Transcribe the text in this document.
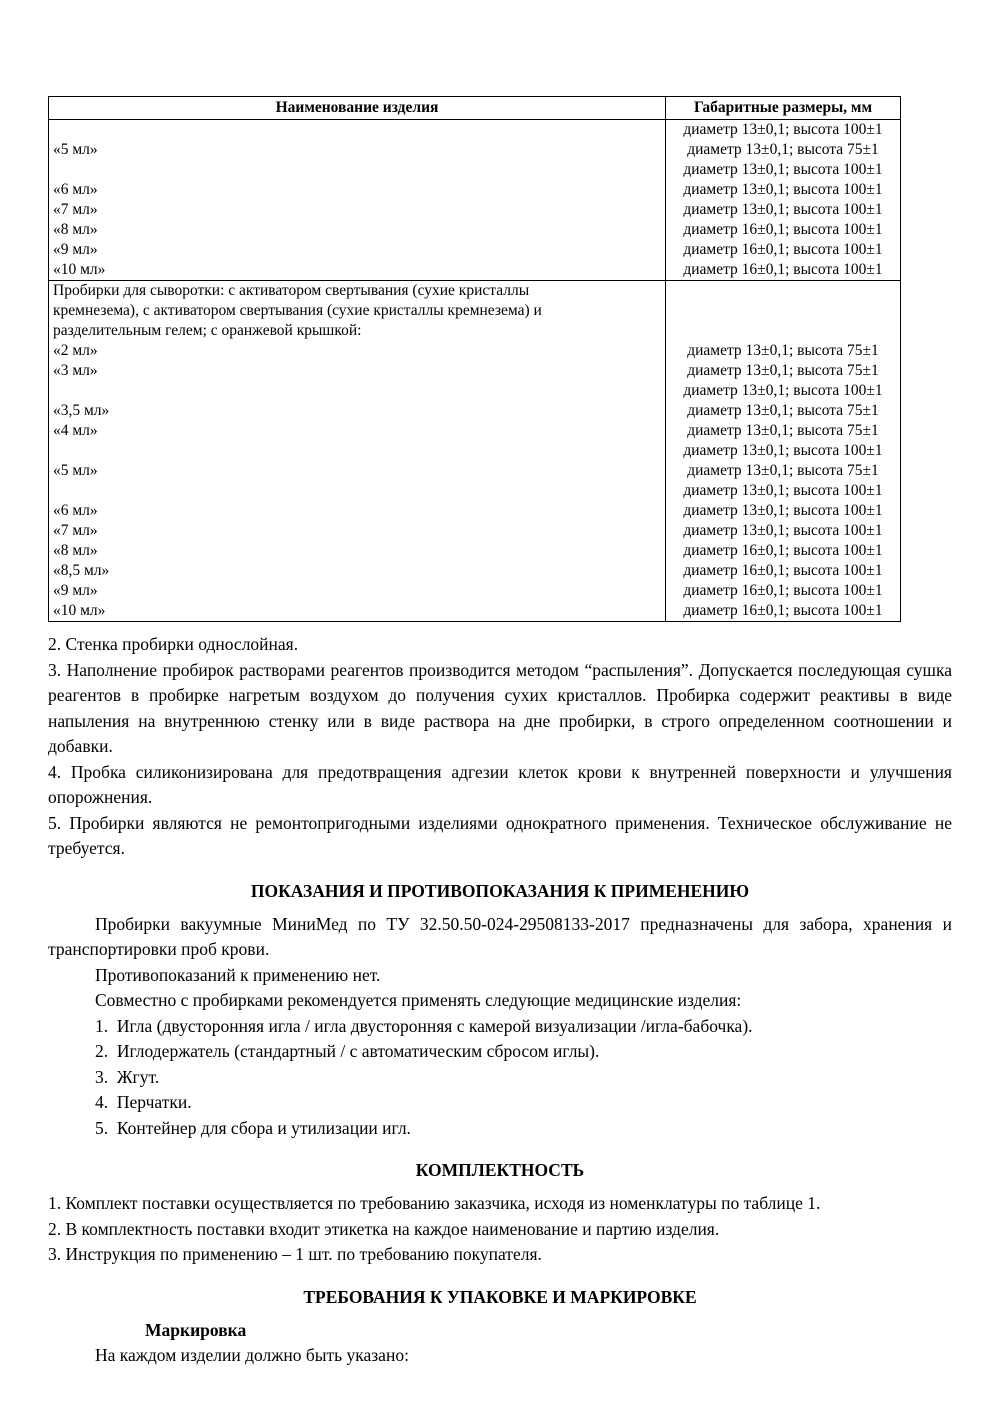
Наименование изделия	Габаритные размеры, мм
	диаметр 13±0,1; высота 100±1
«5 мл»	диаметр 13±0,1; высота 75±1
	диаметр 13±0,1; высота 100±1
«6 мл»	диаметр 13±0,1; высота 100±1
«7 мл»	диаметр 13±0,1; высота 100±1
«8 мл»	диаметр 16±0,1; высота 100±1
«9 мл»	диаметр 16±0,1; высота 100±1
«10 мл»	диаметр 16±0,1; высота 100±1

Пробирки для сыворотки: с активатором свертывания (сухие кристаллы
кремнезема), с активатором свертывания (сухие кристаллы кремнезема) и
разделительным гелем; с оранжевой крышкой:	

«2 мл»	диаметр 13±0,1; высота 75±1
«3 мл»	диаметр 13±0,1; высота 75±1
	диаметр 13±0,1; высота 100±1
«3,5 мл»	диаметр 13±0,1; высота 75±1
«4 мл»	диаметр 13±0,1; высота 75±1
	диаметр 13±0,1; высота 100±1
«5 мл»	диаметр 13±0,1; высота 75±1
	диаметр 13±0,1; высота 100±1
«6 мл»	диаметр 13±0,1; высота 100±1
«7 мл»	диаметр 13±0,1; высота 100±1
«8 мл»	диаметр 16±0,1; высота 100±1
«8,5 мл»	диаметр 16±0,1; высота 100±1
«9 мл»	диаметр 16±0,1; высота 100±1
«10 мл»	диаметр 16±0,1; высота 100±1

2. Стенка пробирки однослойная.

3. Наполнение пробирок растворами реагентов производится методом “распыления”. Допускается последующая сушка реагентов в пробирке нагретым воздухом до получения сухих кристаллов. Пробирка содержит реактивы в виде напыления на внутреннюю стенку или в виде раствора на дне пробирки, в строго определенном соотношении и добавки.

4. Пробка силиконизирована для предотвращения адгезии клеток крови к внутренней поверхности и улучшения опорожнения.

5. Пробирки являются не ремонтопригодными изделиями однократного применения. Техническое обслуживание не требуется.

ПОКАЗАНИЯ И ПРОТИВОПОКАЗАНИЯ К ПРИМЕНЕНИЮ

Пробирки вакуумные МиниМед по ТУ 32.50.50-024-29508133-2017 предназначены для забора, хранения и транспортировки проб крови.

Противопоказаний к применению нет.

Совместно с пробирками рекомендуется применять следующие медицинские изделия:

1.  Игла (двусторонняя игла / игла двусторонняя с камерой визуализации /игла-бабочка).

2.  Иглодержатель (стандартный / с автоматическим сбросом иглы).

3.  Жгут.

4.  Перчатки.

5.  Контейнер для сбора и утилизации игл.

КОМПЛЕКТНОСТЬ

1. Комплект поставки осуществляется по требованию заказчика, исходя из номенклатуры по таблице 1.

2. В комплектность поставки входит этикетка на каждое наименование и партию изделия.

3. Инструкция по применению – 1 шт. по требованию покупателя.

ТРЕБОВАНИЯ К УПАКОВКЕ И МАРКИРОВКЕ

Маркировка

На каждом изделии должно быть указано:
